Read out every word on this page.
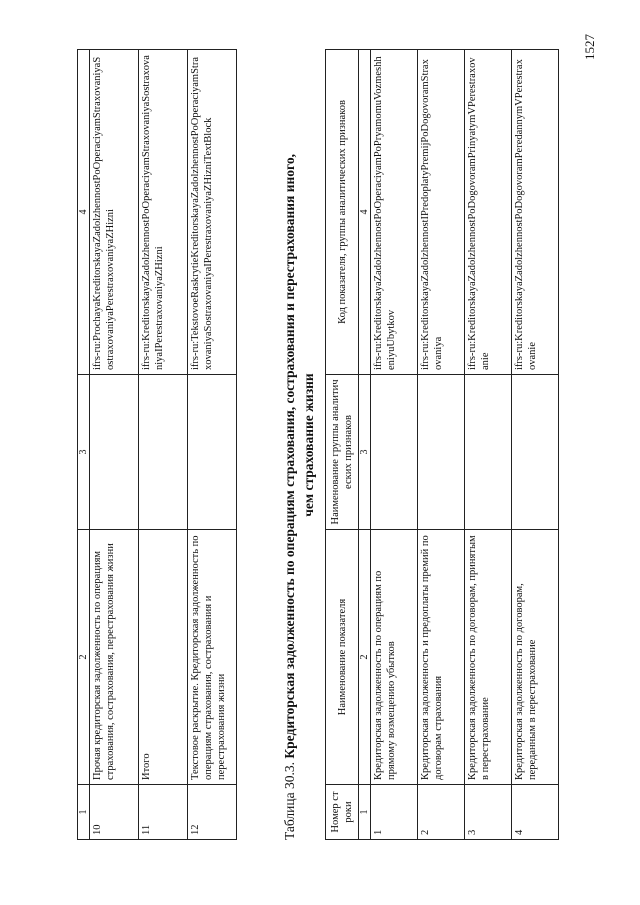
1527
1	2	3	4
10	Прочая кредиторская задолженность по операциям страхования, сострахования, перестрахования жизни		ifrs-ru:ProchayaKreditorskayaZadolzhennostPoOperaciyamStraxovaniyaSostraxovaniyaPerestraxovaniyaZHizni
11	Итого		ifrs-ru:KreditorskayaZadolzhennostPoOperaciyamStraxovaniyaSostraxovaniyaIPerestraxovaniyaZHizni
12	Текстовое раскрытие. Кредиторская задолженность по операциям страхования, сострахования и перестрахования жизни		ifrs-ru:TekstovoeRaskrytieKreditorskayaZadolzhennostPoOperaciyamStraxovaniyaSostraxovaniyaIPerestraxovaniyaZHizniTextBlock
Таблица 30.3. Кредиторская задолженность по операциям страхования, сострахования и перестрахования иного, чем страхование жизни
Номер строки	Наименование показателя	Наименование группы аналитических признаков	Код показателя, группы аналитических признаков
1	2	3	4
1	Кредиторская задолженность по операциям по прямому возмещению убытков		ifrs-ru:KreditorskayaZadolzhennostPoOperaciyamPoPryamomuVozmeshheniyuUbytkov
2	Кредиторская задолженность и предоплаты премий по договорам страхования		ifrs-ru:KreditorskayaZadolzhennostIPredoplatyPremijPoDogovoramStraxovaniya
3	Кредиторская задолженность по договорам, принятым в перестрахование		ifrs-ru:KreditorskayaZadolzhennostPoDogovoramPrinyatymVPerestraxovanie
4	Кредиторская задолженность по договорам, переданным в перестрахование		ifrs-ru:KreditorskayaZadolzhennostPoDogovoramPeredannymVPerestraxovanie
